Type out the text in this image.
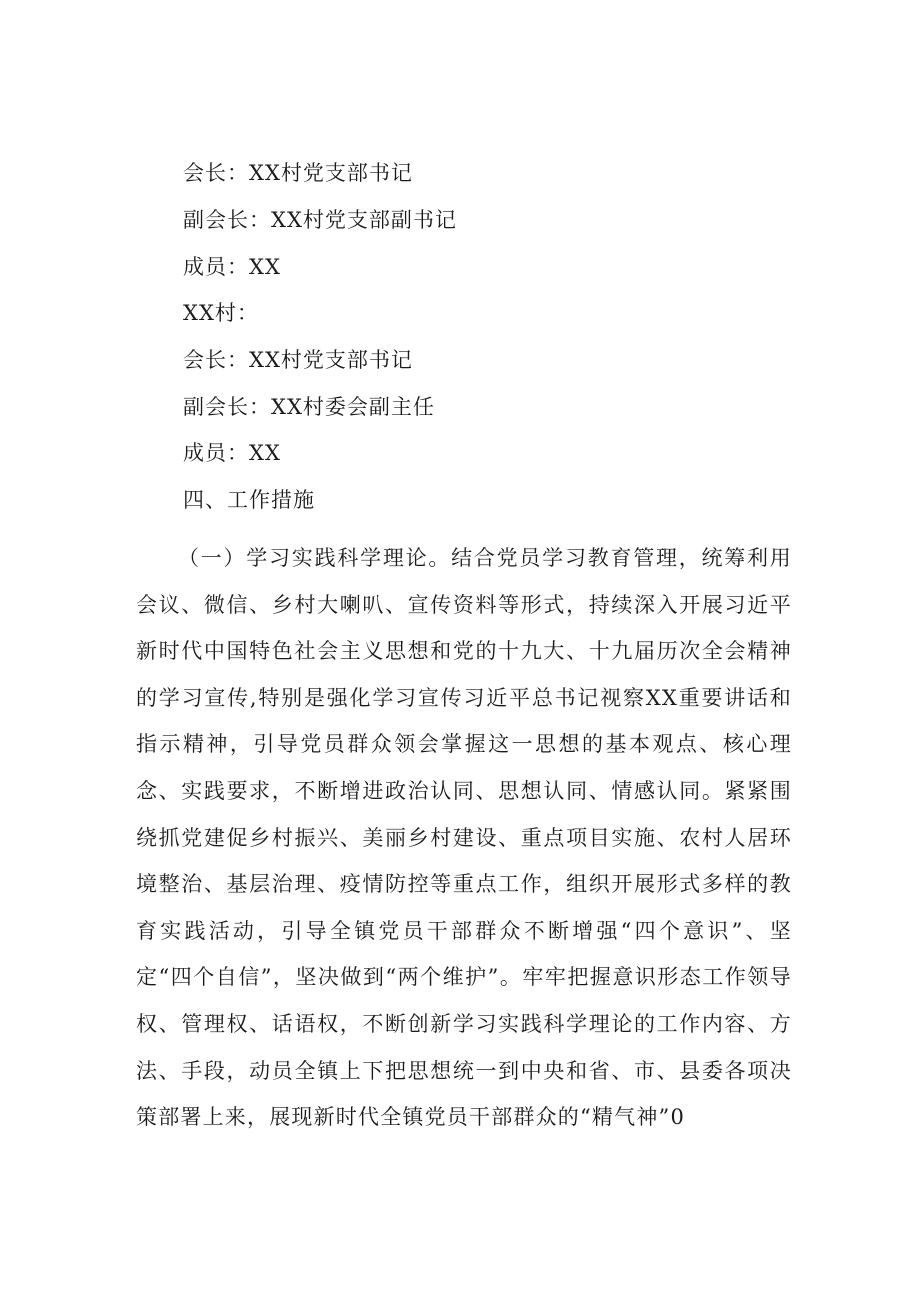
会长：XX村党支部书记
副会长：XX村党支部副书记
成员：XX
XX村：
会长：XX村党支部书记
副会长：XX村委会副主任
成员：XX
四、工作措施

（一）学习实践科学理论。结合党员学习教育管理，统筹利用会议、微信、乡村大喇叭、宣传资料等形式，持续深入开展习近平新时代中国特色社会主义思想和党的十九大、十九届历次全会精神的学习宣传,特别是强化学习宣传习近平总书记视察XX重要讲话和指示精神，引导党员群众领会掌握这一思想的基本观点、核心理念、实践要求，不断增进政治认同、思想认同、情感认同。紧紧围绕抓党建促乡村振兴、美丽乡村建设、重点项目实施、农村人居环境整治、基层治理、疫情防控等重点工作，组织开展形式多样的教育实践活动，引导全镇党员干部群众不断增强“四个意识”、坚定“四个自信”，坚决做到“两个维护”。牢牢把握意识形态工作领导权、管理权、话语权，不断创新学习实践科学理论的工作内容、方法、手段，动员全镇上下把思想统一到中央和省、市、县委各项决策部署上来，展现新时代全镇党员干部群众的“精气神”0
